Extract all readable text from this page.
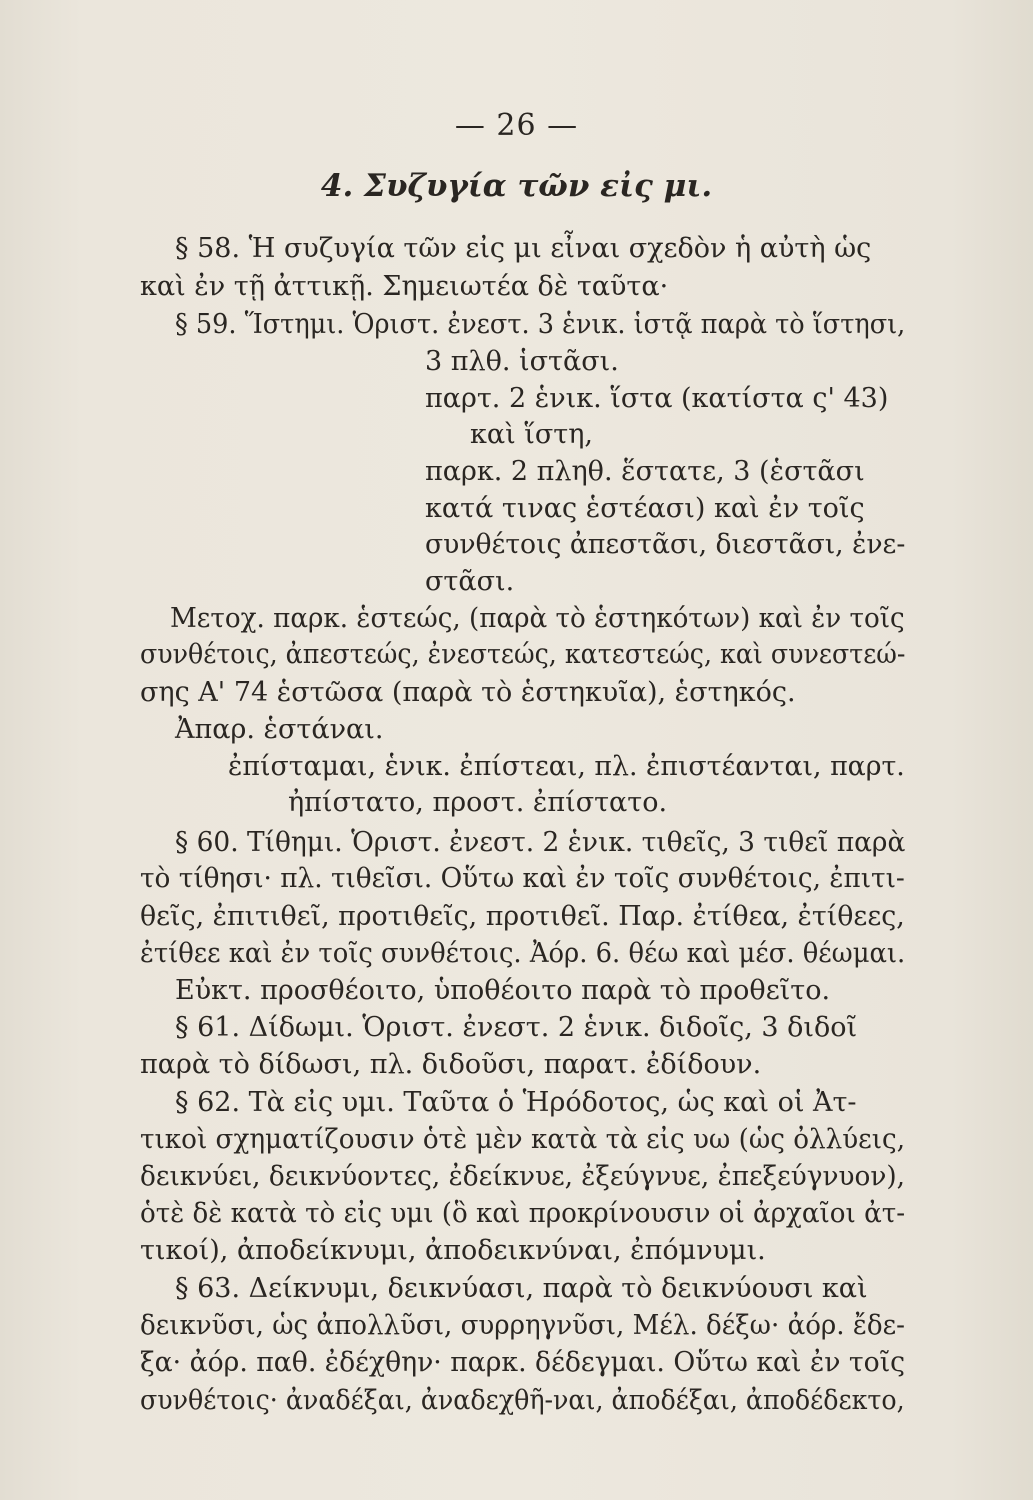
— 26 —
4. Συζυγία τῶν εἰς μι.
§ 58. Ἡ συζυγία τῶν εἰς μι εἶναι σχεδὸν ἡ αὐτὴ ὡς
καὶ ἐν τῇ ἀττικῇ. Σημειωτέα δὲ ταῦτα·
§ 59. Ἵστημι. Ὁριστ. ἐνεστ. 3 ἑνικ. ἱστᾷ παρὰ τὸ ἵστησι,
3 πλθ. ἱστᾶσι.
παρτ. 2 ἑνικ. ἵστα (κατίστα ς' 43)
καὶ ἵστη,
παρκ. 2 πληθ. ἕστατε, 3 (ἑστᾶσι
κατά τινας ἑστέασι) καὶ ἐν τοῖς
συνθέτοις ἀπεστᾶσι, διεστᾶσι, ἐνε-
στᾶσι.
Μετοχ. παρκ. ἑστεώς, (παρὰ τὸ ἑστηκότων) καὶ ἐν τοῖς
συνθέτοις, ἀπεστεώς, ἐνεστεώς, κατεστεώς, καὶ συνεστεώ-
σης Α' 74 ἑστῶσα (παρὰ τὸ ἑστηκυῖα), ἑστηκός.
Ἀπαρ. ἑστάναι.
ἐπίσταμαι, ἑνικ. ἐπίστεαι, πλ. ἐπιστέανται, παρτ.
ἠπίστατο, προστ. ἐπίστατο.
§ 60. Τίθημι. Ὁριστ. ἐνεστ. 2 ἑνικ. τιθεῖς, 3 τιθεῖ παρὰ
τὸ τίθησι· πλ. τιθεῖσι. Οὕτω καὶ ἐν τοῖς συνθέτοις, ἐπιτι-
θεῖς, ἐπιτιθεῖ, προτιθεῖς, προτιθεῖ. Παρ. ἐτίθεα, ἐτίθεες,
ἐτίθεε καὶ ἐν τοῖς συνθέτοις. Ἀόρ. 6. θέω καὶ μέσ. θέωμαι.
Εὐκτ. προσθέοιτο, ὑποθέοιτο παρὰ τὸ προθεῖτο.
§ 61. Δίδωμι. Ὁριστ. ἐνεστ. 2 ἑνικ. διδοῖς, 3 διδοῖ
παρὰ τὸ δίδωσι, πλ. διδοῦσι, παρατ. ἐδίδουν.
§ 62. Τὰ εἰς υμι. Ταῦτα ὁ Ἡρόδοτος, ὡς καὶ οἱ Ἀτ-
τικοὶ σχηματίζουσιν ὁτὲ μὲν κατὰ τὰ εἰς υω (ὡς ὀλλύεις,
δεικνύει, δεικνύοντες, ἐδείκνυε, ἐξεύγνυε, ἐπεξεύγνυον),
ὁτὲ δὲ κατὰ τὸ εἰς υμι (ὃ καὶ προκρίνουσιν οἱ ἀρχαῖοι ἀτ-
τικοί), ἀποδείκνυμι, ἀποδεικνύναι, ἐπόμνυμι.
§ 63. Δείκνυμι, δεικνύασι, παρὰ τὸ δεικνύουσι καὶ
δεικνῦσι, ὡς ἀπολλῦσι, συρρηγνῦσι, Μέλ. δέξω· ἀόρ. ἔδε-
ξα· ἀόρ. παθ. ἐδέχθην· παρκ. δέδεγμαι. Οὕτω καὶ ἐν τοῖς
συνθέτοις· ἀναδέξαι, ἀναδεχθῆ-ναι, ἀποδέξαι, ἀποδέδεκτο,
